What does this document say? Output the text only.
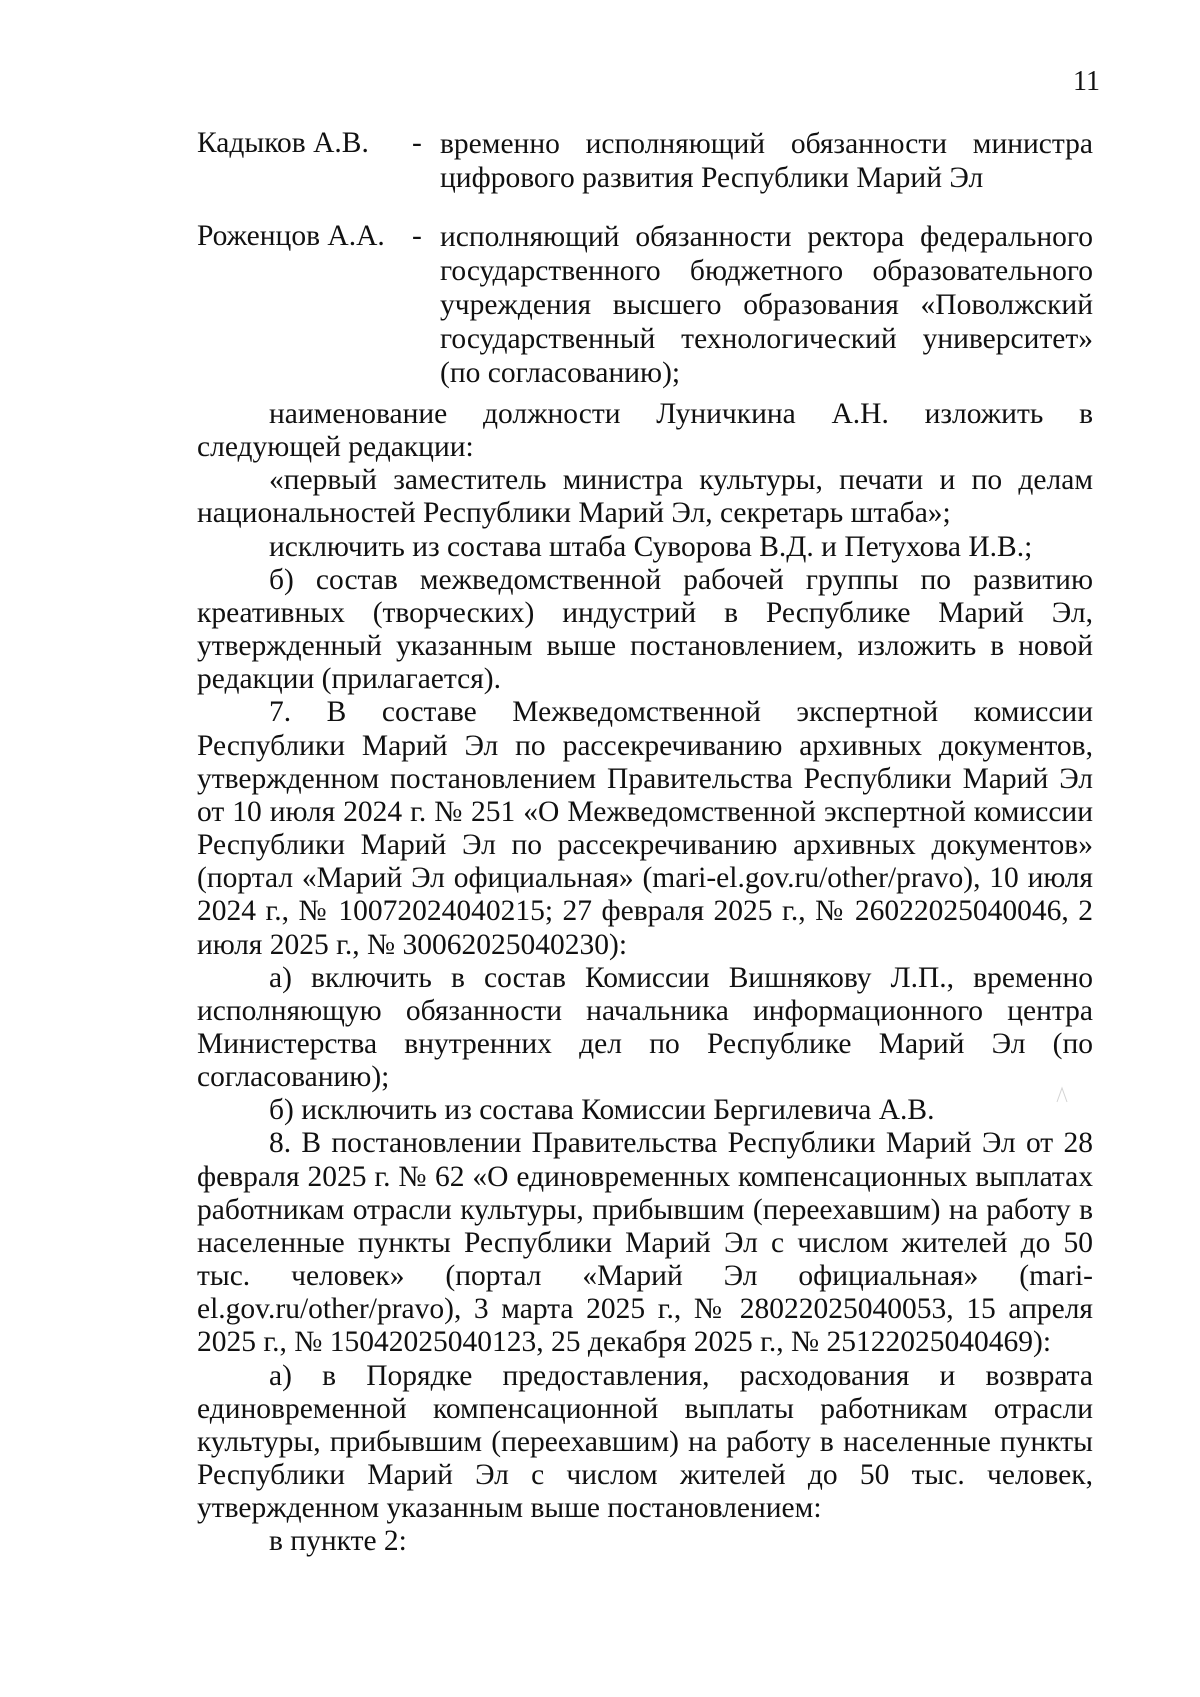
11
Кадыков А.В. - временно исполняющий обязанности министра цифрового развития Республики Марий Эл
Роженцов А.А. - исполняющий обязанности ректора федерального государственного бюджетного образовательного учреждения высшего образования «Поволжский государственный технологический университет» (по согласованию);

наименование должности Луничкина А.Н. изложить в следующей редакции:

«первый заместитель министра культуры, печати и по делам национальностей Республики Марий Эл, секретарь штаба»;

исключить из состава штаба Суворова В.Д. и Петухова И.В.;

б) состав межведомственной рабочей группы по развитию креативных (творческих) индустрий в Республике Марий Эл, утвержденный указанным выше постановлением, изложить в новой редакции (прилагается).

7. В составе Межведомственной экспертной комиссии Республики Марий Эл по рассекречиванию архивных документов, утвержденном постановлением Правительства Республики Марий Эл от 10 июля 2024 г. № 251 «О Межведомственной экспертной комиссии Республики Марий Эл по рассекречиванию архивных документов» (портал «Марий Эл официальная» (mari-el.gov.ru/other/pravo), 10 июля 2024 г., № 10072024040215; 27 февраля 2025 г., № 26022025040046, 2 июля 2025 г., № 30062025040230):

а) включить в состав Комиссии Вишнякову Л.П., временно исполняющую обязанности начальника информационного центра Министерства внутренних дел по Республике Марий Эл (по согласованию);

б) исключить из состава Комиссии Бергилевича А.В.

8. В постановлении Правительства Республики Марий Эл от 28 февраля 2025 г. № 62 «О единовременных компенсационных выплатах работникам отрасли культуры, прибывшим (переехавшим) на работу в населенные пункты Республики Марий Эл с числом жителей до 50 тыс. человек» (портал «Марий Эл официальная» (mari-el.gov.ru/other/pravo), 3 марта 2025 г., № 28022025040053, 15 апреля 2025 г., № 15042025040123, 25 декабря 2025 г., № 25122025040469):

а) в Порядке предоставления, расходования и возврата единовременной компенсационной выплаты работникам отрасли культуры, прибывшим (переехавшим) на работу в населенные пункты Республики Марий Эл с числом жителей до 50 тыс. человек, утвержденном указанным выше постановлением:

в пункте 2:
